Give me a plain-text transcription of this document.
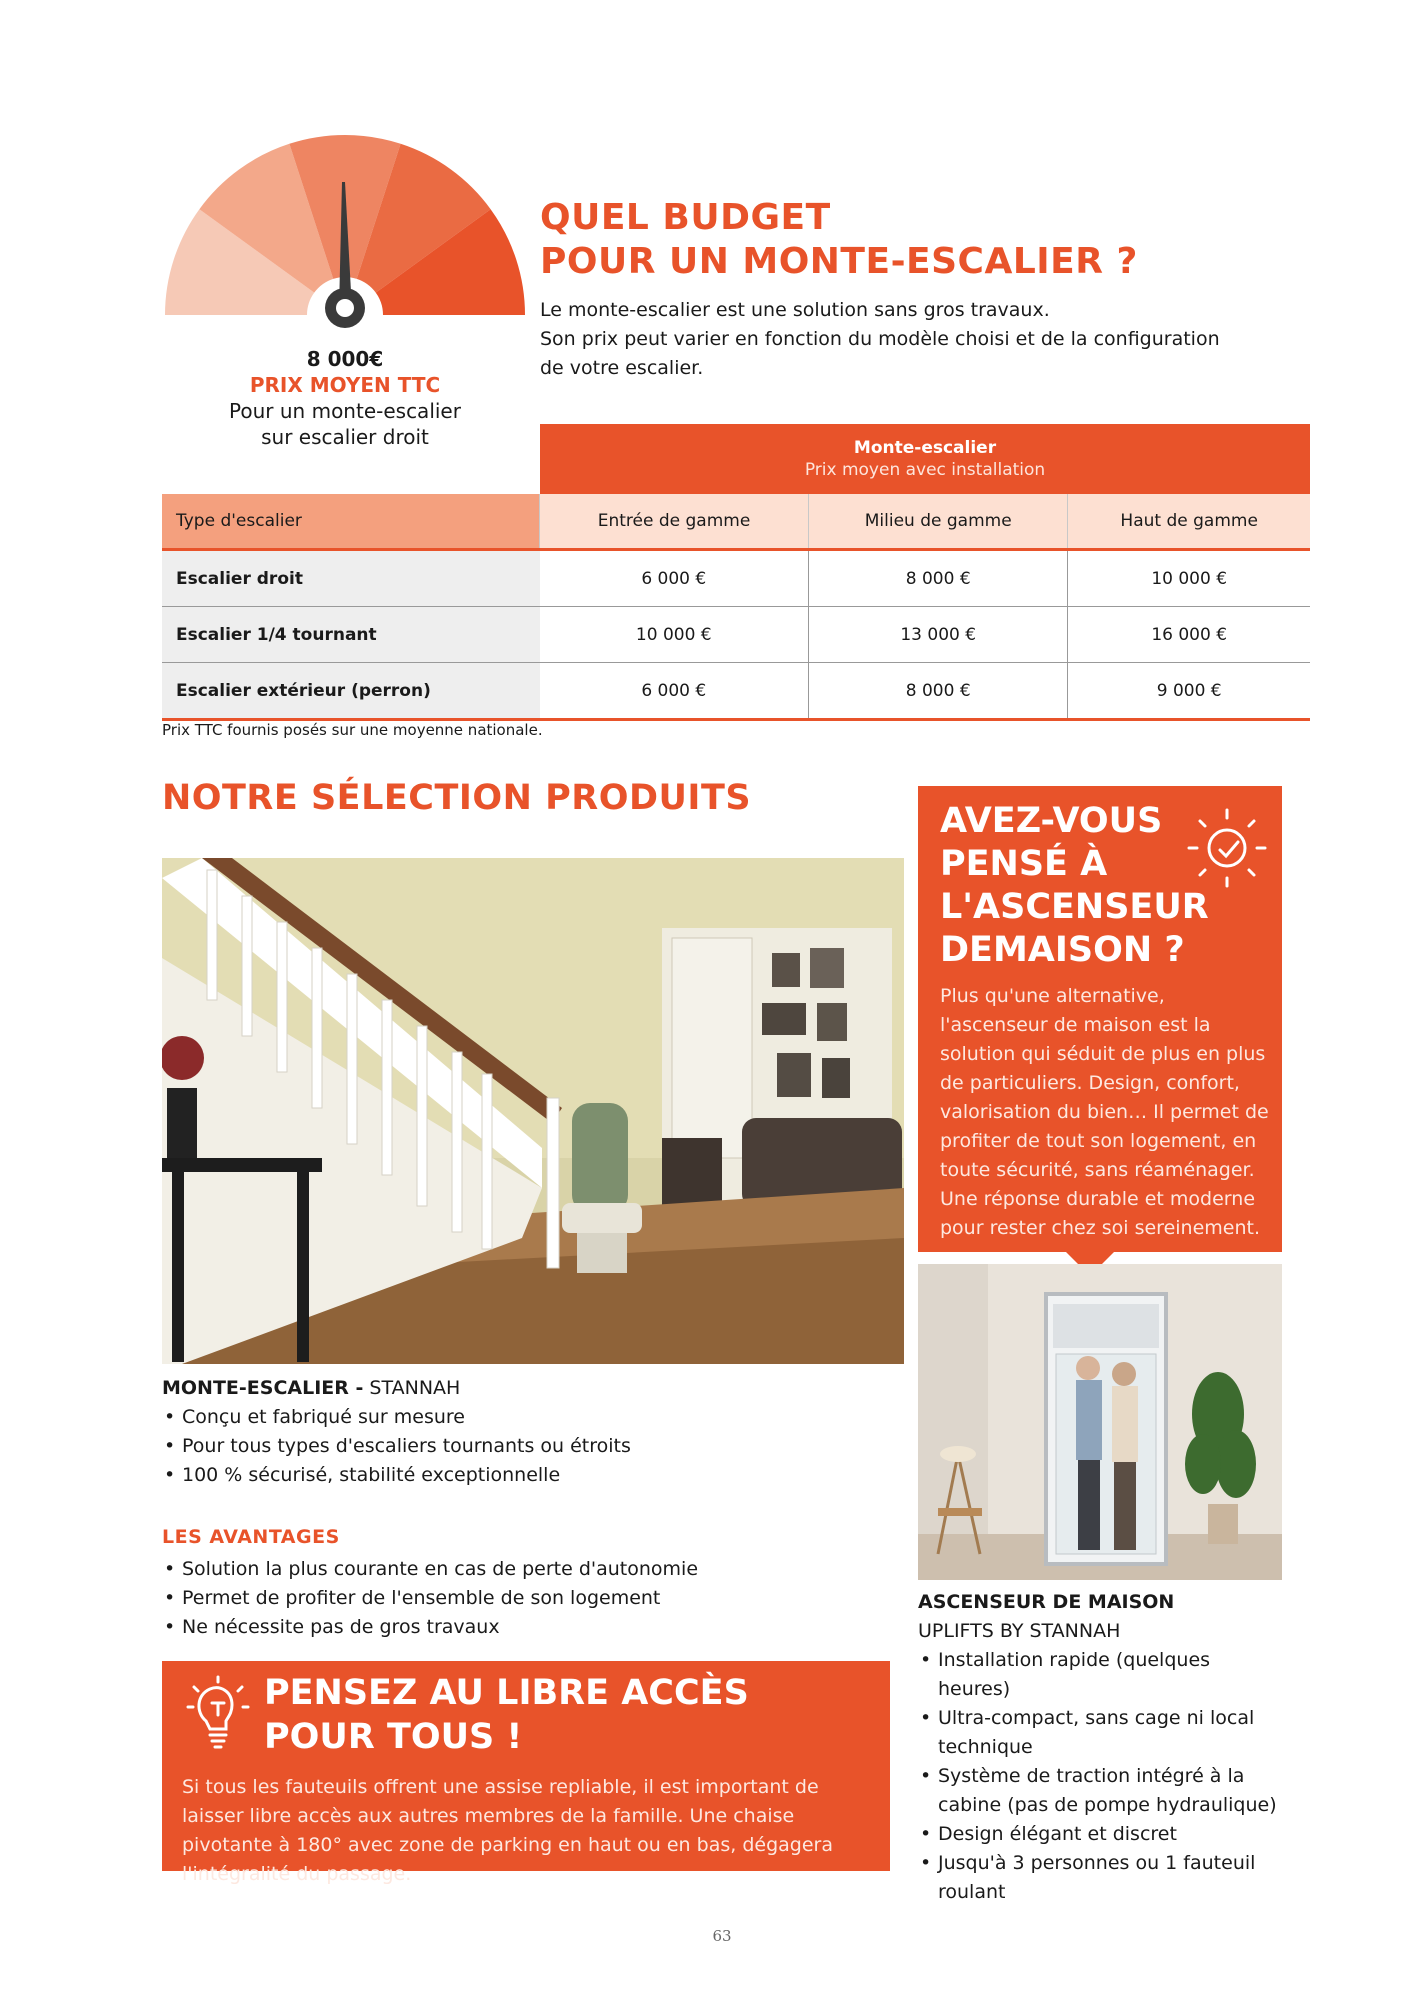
8 000€
PRIX MOYEN TTC
Pour un monte-escalier
sur escalier droit
QUEL BUDGET
POUR UN MONTE-ESCALIER ?
Le monte-escalier est une solution sans gros travaux.
Son prix peut varier en fonction du modèle choisi et de la configuration
de votre escalier.
Monte-escalier
Prix moyen avec installation
Type d'escalier	Entrée de gamme	Milieu de gamme	Haut de gamme
Escalier droit	6 000 €	8 000 €	10 000 €
Escalier 1/4 tournant	10 000 €	13 000 €	16 000 €
Escalier extérieur (perron)	6 000 €	8 000 €	9 000 €
Prix TTC fournis posés sur une moyenne nationale.
NOTRE SÉLECTION PRODUITS
MONTE-ESCALIER - STANNAH
• Conçu et fabriqué sur mesure
• Pour tous types d'escaliers tournants ou étroits
• 100 % sécurisé, stabilité exceptionnelle
LES AVANTAGES
• Solution la plus courante en cas de perte d'autonomie
• Permet de profiter de l'ensemble de son logement
• Ne nécessite pas de gros travaux
PENSEZ AU LIBRE ACCÈS
POUR TOUS !
Si tous les fauteuils offrent une assise repliable, il est important de laisser libre accès aux autres membres de la famille. Une chaise pivotante à 180° avec zone de parking en haut ou en bas, dégagera l'intégralité du passage.
AVEZ-VOUS
PENSÉ À
L'ASCENSEUR
DEMAISON ?
Plus qu'une alternative, l'ascenseur de maison est la solution qui séduit de plus en plus de particuliers. Design, confort, valorisation du bien… Il permet de profiter de tout son logement, en toute sécurité, sans réaménager. Une réponse durable et moderne pour rester chez soi sereinement.
ASCENSEUR DE MAISON
UPLIFTS BY STANNAH
• Installation rapide (quelques heures)
• Ultra-compact, sans cage ni local technique
• Système de traction intégré à la cabine (pas de pompe hydraulique)
• Design élégant et discret
• Jusqu'à 3 personnes ou 1 fauteuil roulant
63
